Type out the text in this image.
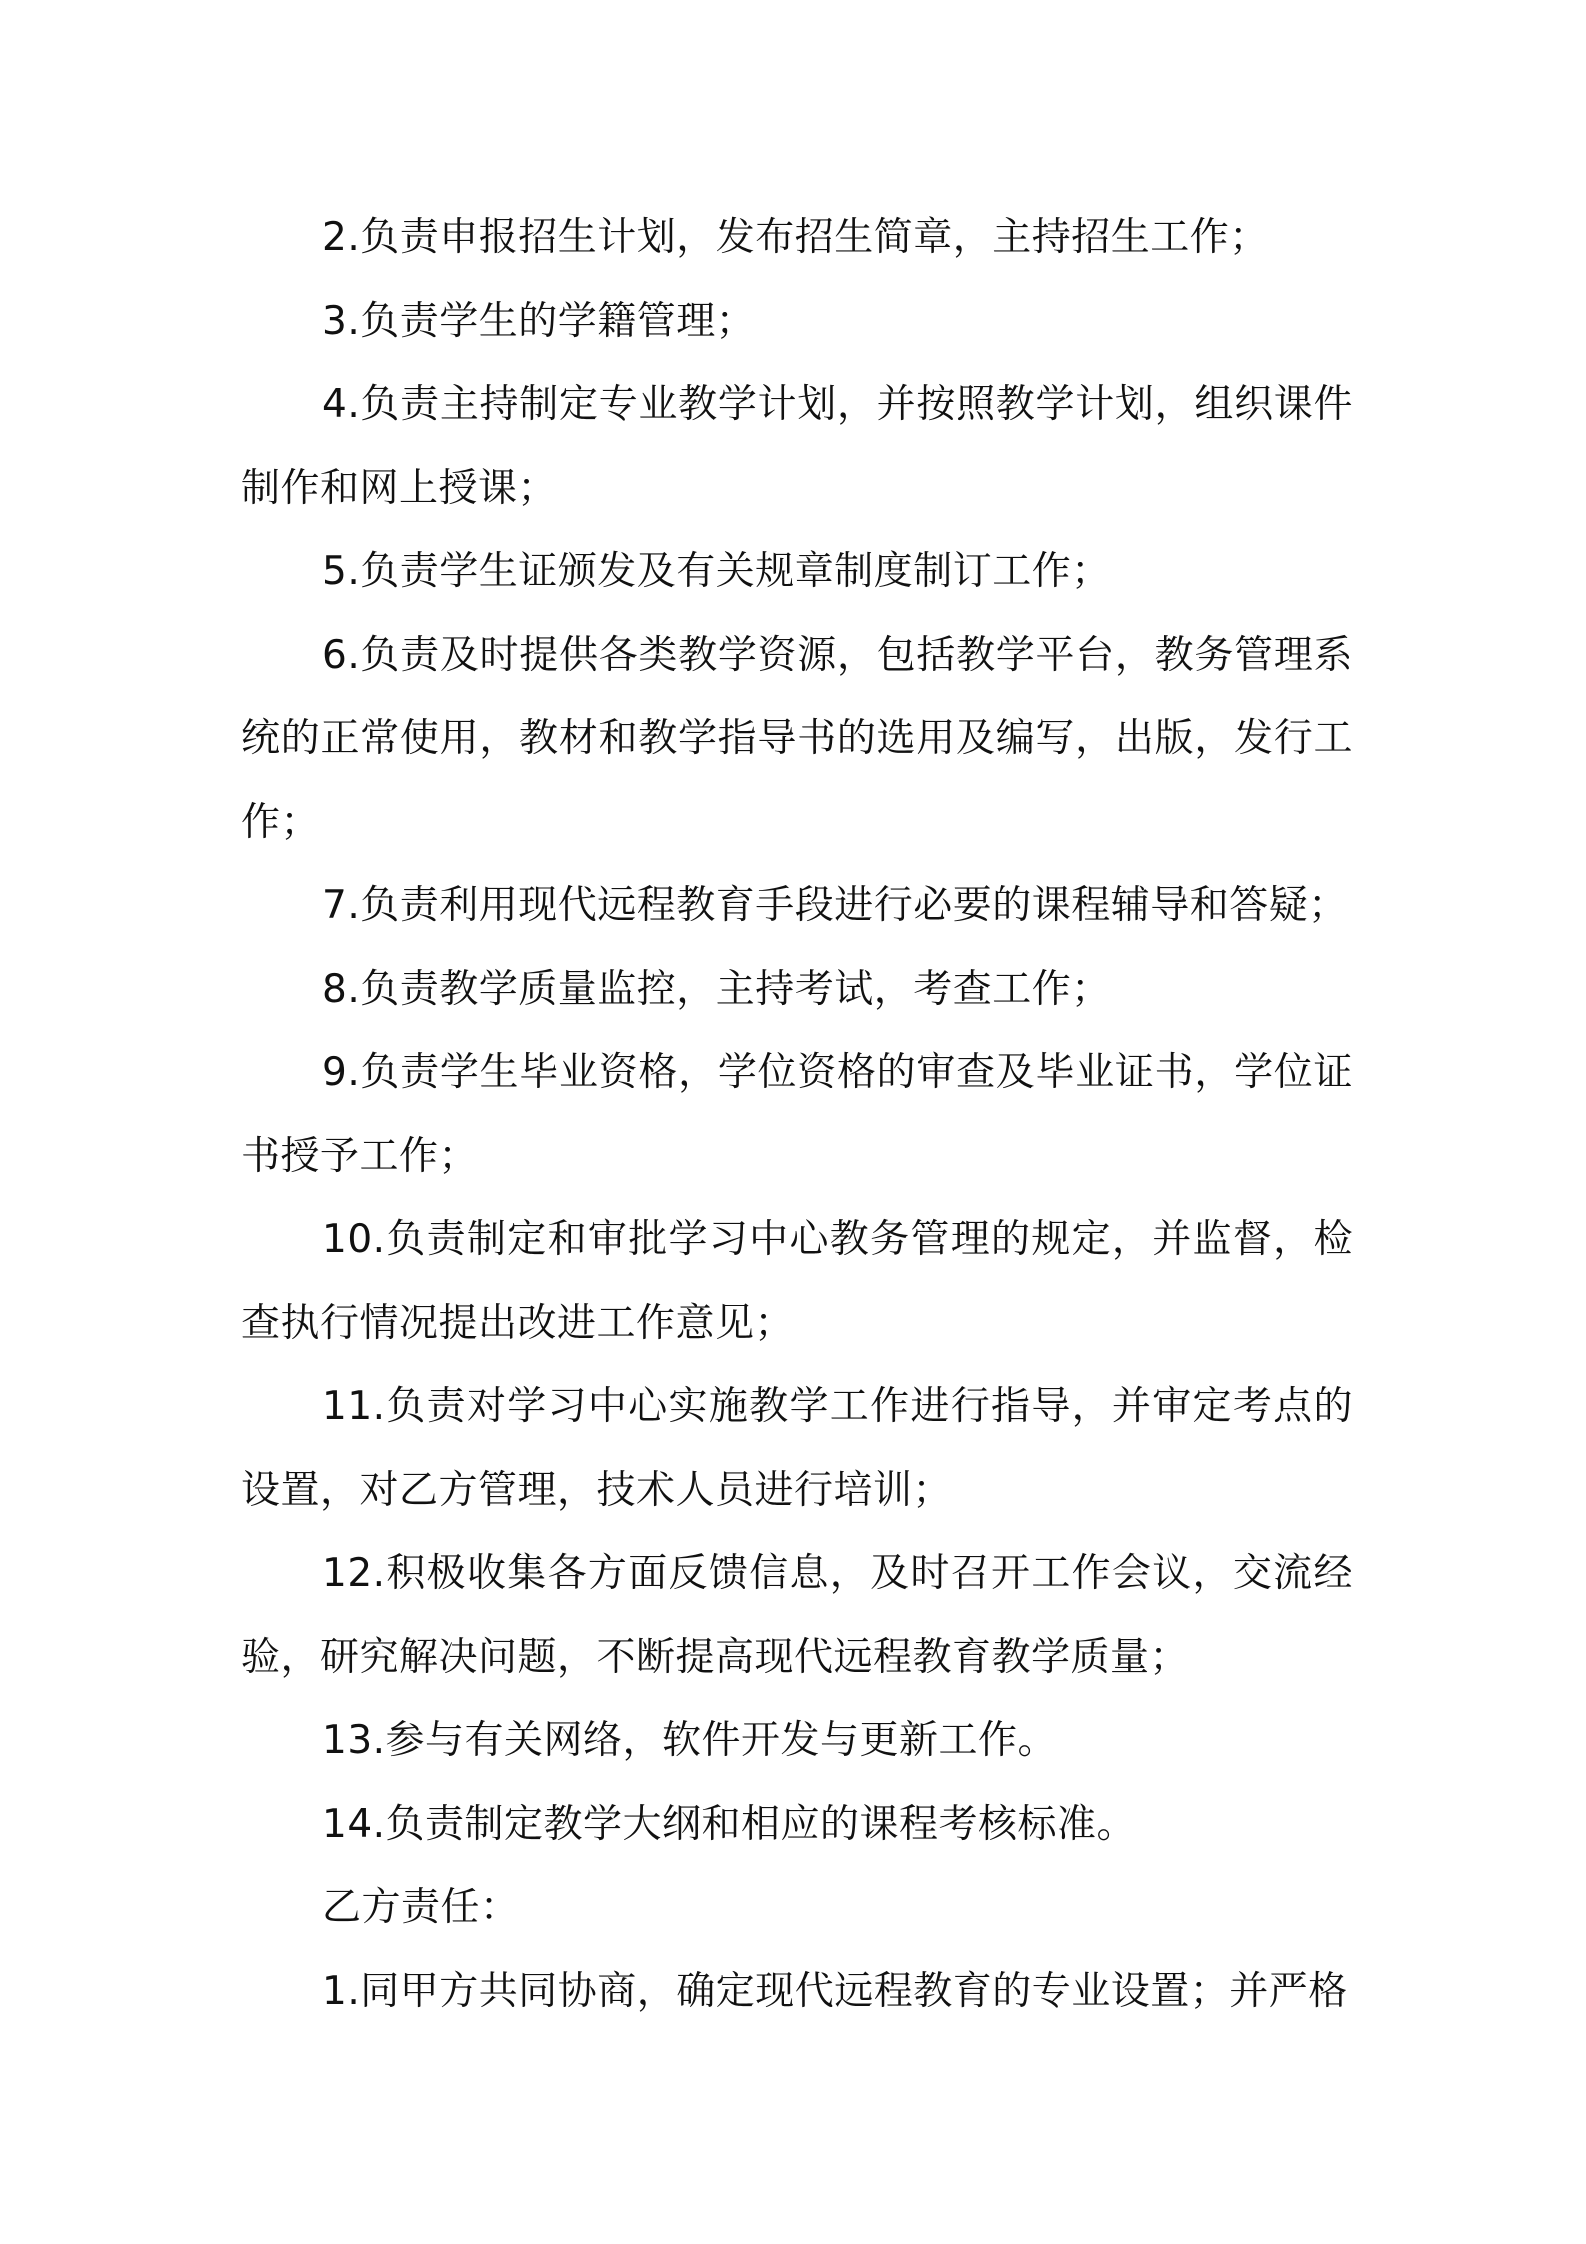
2.负责申报招生计划，发布招生简章，主持招生工作；

3.负责学生的学籍管理；

4.负责主持制定专业教学计划，并按照教学计划，组织课件制作和网上授课；

5.负责学生证颁发及有关规章制度制订工作；

6.负责及时提供各类教学资源，包括教学平台，教务管理系统的正常使用，教材和教学指导书的选用及编写，出版，发行工作；

7.负责利用现代远程教育手段进行必要的课程辅导和答疑；

8.负责教学质量监控，主持考试，考查工作；

9.负责学生毕业资格，学位资格的审查及毕业证书，学位证书授予工作；

10.负责制定和审批学习中心教务管理的规定，并监督，检查执行情况提出改进工作意见；

11.负责对学习中心实施教学工作进行指导，并审定考点的设置，对乙方管理，技术人员进行培训；

12.积极收集各方面反馈信息，及时召开工作会议，交流经验，研究解决问题，不断提高现代远程教育教学质量；

13.参与有关网络，软件开发与更新工作。

14.负责制定教学大纲和相应的课程考核标准。

乙方责任：

1.同甲方共同协商，确定现代远程教育的专业设置；并严格
